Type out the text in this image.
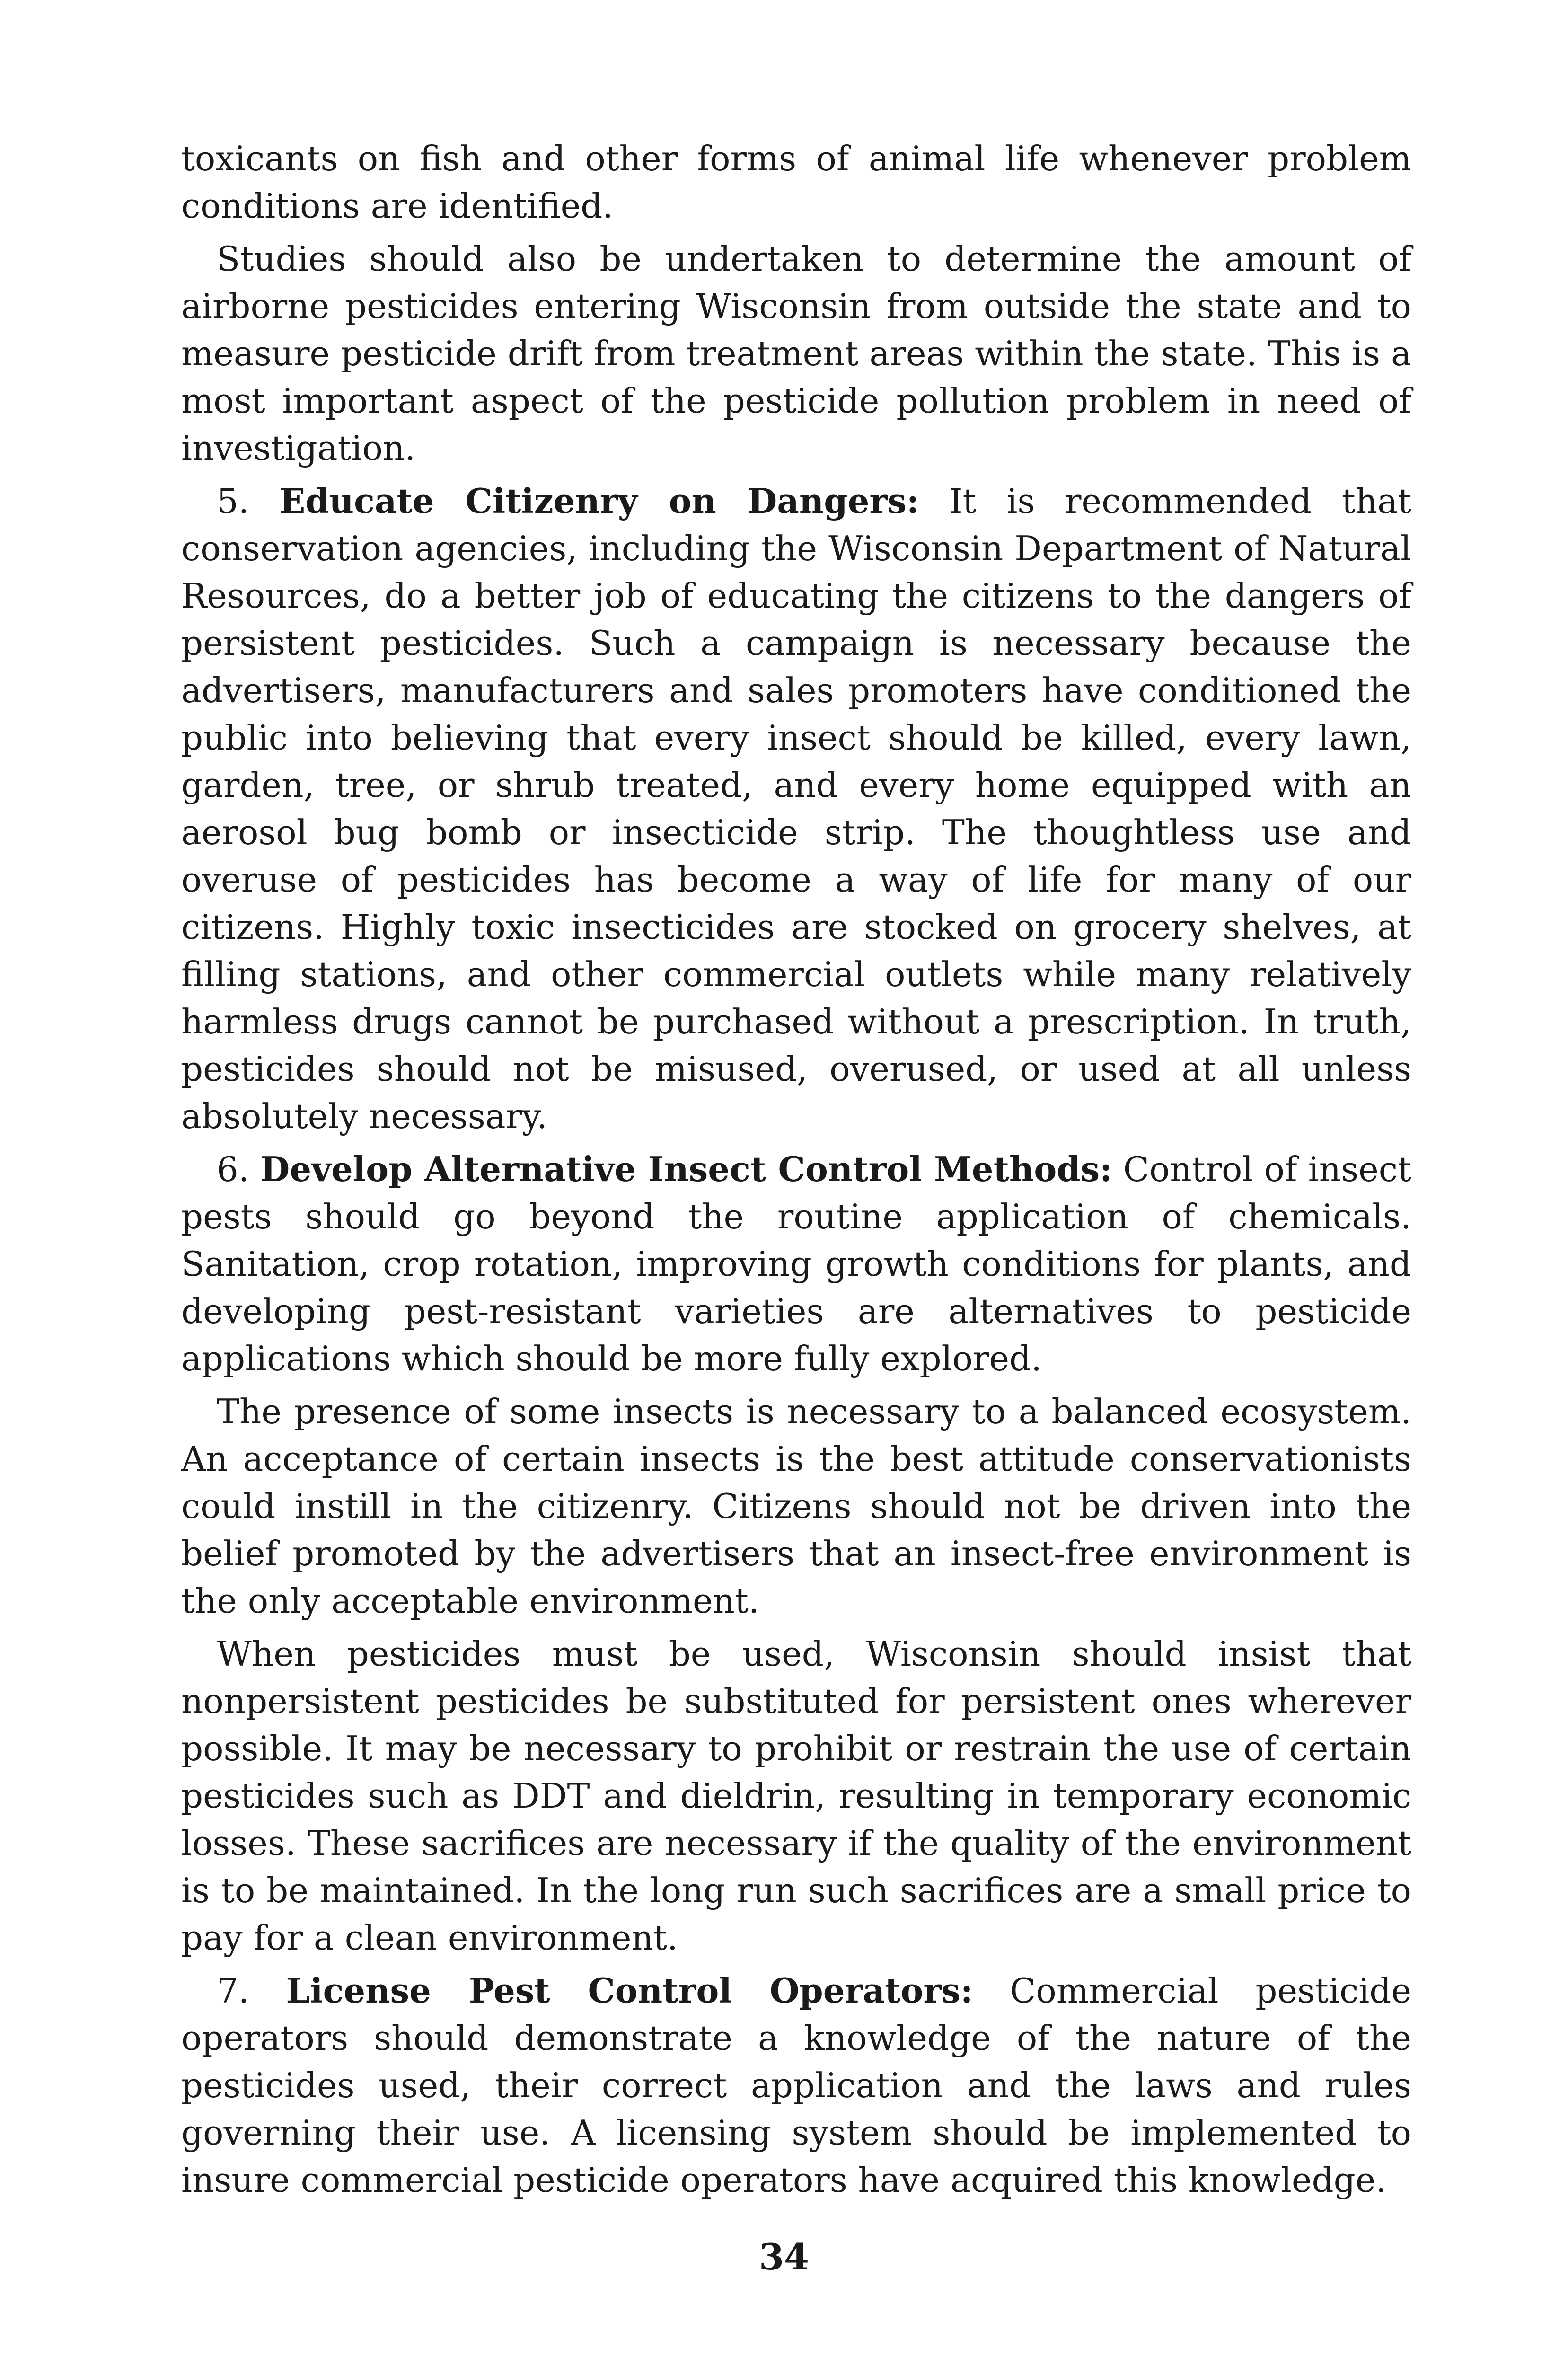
toxicants on fish and other forms of animal life whenever problem conditions are identified.

Studies should also be undertaken to determine the amount of airborne pesticides entering Wisconsin from outside the state and to measure pesticide drift from treatment areas within the state. This is a most important aspect of the pesticide pollution problem in need of investigation.

5. Educate Citizenry on Dangers: It is recommended that conservation agencies, including the Wisconsin Department of Natural Resources, do a better job of educating the citizens to the dangers of persistent pesticides. Such a campaign is necessary because the advertisers, manufacturers and sales promoters have conditioned the public into believing that every insect should be killed, every lawn, garden, tree, or shrub treated, and every home equipped with an aerosol bug bomb or insecticide strip. The thoughtless use and overuse of pesticides has become a way of life for many of our citizens. Highly toxic insecticides are stocked on grocery shelves, at filling stations, and other commercial outlets while many relatively harmless drugs cannot be purchased without a prescription. In truth, pesticides should not be misused, overused, or used at all unless absolutely necessary.

6. Develop Alternative Insect Control Methods: Control of insect pests should go beyond the routine application of chemicals. Sanitation, crop rotation, improving growth conditions for plants, and developing pest-resistant varieties are alternatives to pesticide applications which should be more fully explored.

The presence of some insects is necessary to a balanced ecosystem. An acceptance of certain insects is the best attitude conservationists could instill in the citizenry. Citizens should not be driven into the belief promoted by the advertisers that an insect-free environment is the only acceptable environment.

When pesticides must be used, Wisconsin should insist that nonpersistent pesticides be substituted for persistent ones wherever possible. It may be necessary to prohibit or restrain the use of certain pesticides such as DDT and dieldrin, resulting in temporary economic losses. These sacrifices are necessary if the quality of the environment is to be maintained. In the long run such sacrifices are a small price to pay for a clean environment.

7. License Pest Control Operators: Commercial pesticide operators should demonstrate a knowledge of the nature of the pesticides used, their correct application and the laws and rules governing their use. A licensing system should be implemented to insure commercial pesticide operators have acquired this knowledge.

34
